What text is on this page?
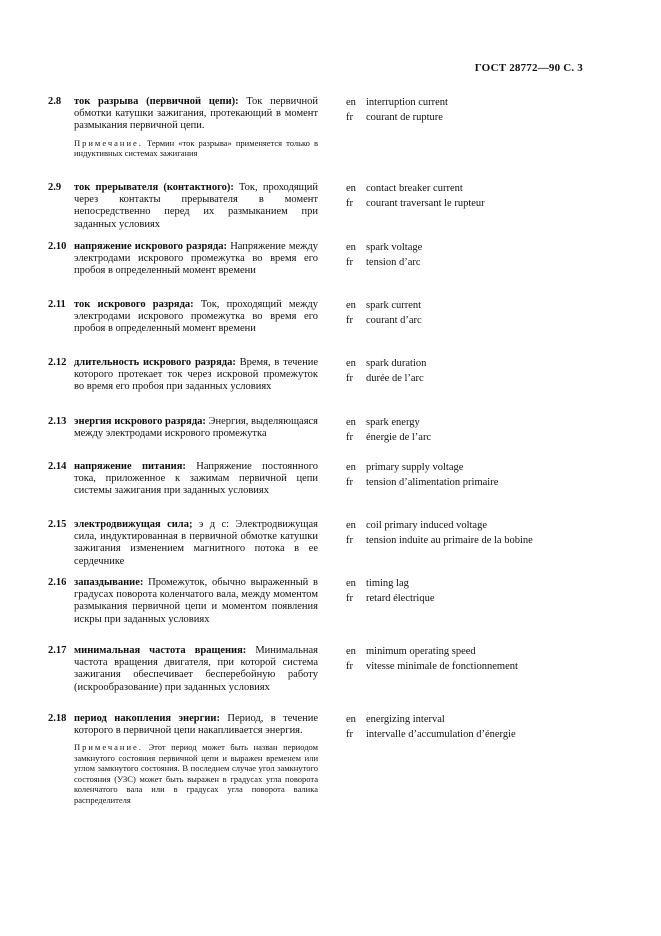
ГОСТ 28772—90 С. 3
2.8	ток разрыва (первичной цепи): Ток первичной обмотки катушки зажигания, протекающий в момент размыкания первичной цепи.
Примечание. Термин «ток разрыва» применяется только в индуктивных системах зажигания
en interruption current
fr courant de rupture
2.9	ток прерывателя (контактного): Ток, проходящий через контакты прерывателя в момент непосредственно перед их размыканием при заданных условиях
en contact breaker current
fr courant traversant le rupteur
2.10 напряжение искрового разряда: Напряжение между электродами искрового промежутка во время его пробоя в определенный момент времени
en spark voltage
fr tension d’arc
2.11 ток искрового разряда: Ток, проходящий между электродами искрового промежутка во время его пробоя в определенный момент времени
en spark current
fr courant d’arc
2.12 длительность искрового разряда: Время, в течение которого протекает ток через искровой промежуток во время его пробоя при заданных условиях
en spark duration
fr durée de l’arc
2.13 энергия искрового разряда: Энергия, выделяющаяся между электродами искрового промежутка
en spark energy
fr énergie de l’arc
2.14 напряжение питания: Напряжение постоянного тока, приложенное к зажимам первичной цепи системы зажигания при заданных условиях
en primary supply voltage
fr tension d’alimentation primaire
2.15 электродвижущая сила; э д с: Электродвижущая сила, индуктированная в первичной обмотке катушки зажигания изменением магнитного потока в ее сердечнике
en coil primary induced voltage
fr tension induite au primaire de la bobine
2.16 запаздывание: Промежуток, обычно выраженный в градусах поворота коленчатого вала, между моментом размыкания первичной цепи и моментом появления искры при заданных условиях
en timing lag
fr retard électrique
2.17 минимальная частота вращения: Минимальная частота вращения двигателя, при которой система зажигания обеспечивает бесперебойную работу (искрообразование) при заданных условиях
en minimum operating speed
fr vitesse minimale de fonctionnement
2.18 период накопления энергии: Период, в течение которого в первичной цепи накапливается энергия.
Примечание. Этот период может быть назван периодом замкнутого состояния первичной цепи и выражен временем или углом замкнутого состояния. В последнем случае угол замкнутого состояния (УЗС) может быть выражен в градусах угла поворота коленчатого вала или в градусах угла поворота валика распределителя
en energizing interval
fr intervalle d’accumulation d’énergie
